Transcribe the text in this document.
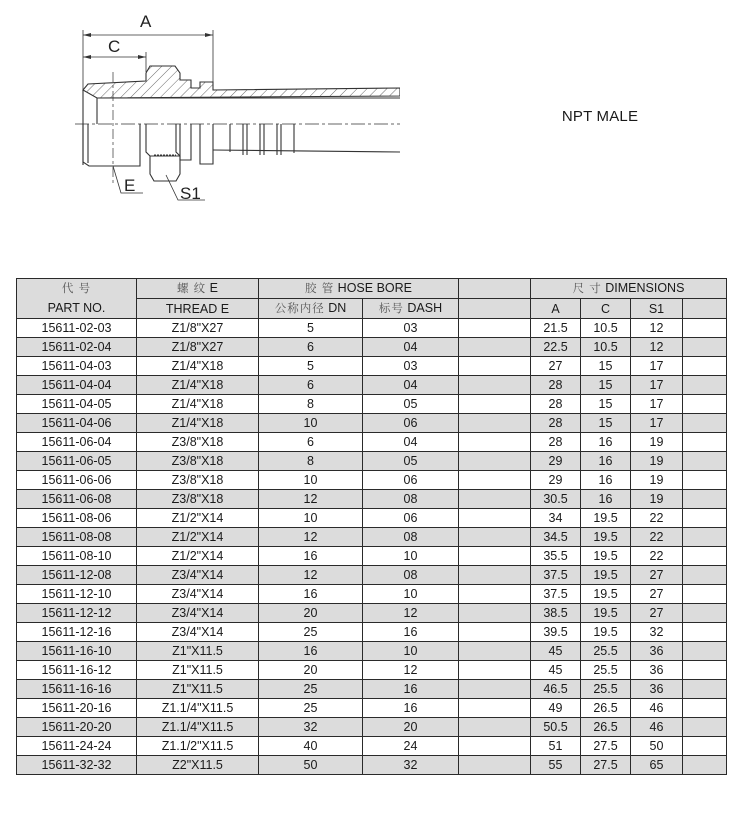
A
C
E	S1
NPT MALE
代 号
PART NO.	螺 纹 E	胶 管 HOSE BORE			尺 寸 DIMENSIONS			
	THREAD E	公称内径 DN	标号 DASH		A	C	S1	
15611-02-03	Z1/8"X27	5	03		21.5	10.5	12	
15611-02-04	Z1/8"X27	6	04		22.5	10.5	12	
15611-04-03	Z1/4"X18	5	03		27	15	17	
15611-04-04	Z1/4"X18	6	04		28	15	17	
15611-04-05	Z1/4"X18	8	05		28	15	17	
15611-04-06	Z1/4"X18	10	06		28	15	17	
15611-06-04	Z3/8"X18	6	04		28	16	19	
15611-06-05	Z3/8"X18	8	05		29	16	19	
15611-06-06	Z3/8"X18	10	06		29	16	19	
15611-06-08	Z3/8"X18	12	08		30.5	16	19	
15611-08-06	Z1/2"X14	10	06		34	19.5	22	
15611-08-08	Z1/2"X14	12	08		34.5	19.5	22	
15611-08-10	Z1/2"X14	16	10		35.5	19.5	22	
15611-12-08	Z3/4"X14	12	08		37.5	19.5	27	
15611-12-10	Z3/4"X14	16	10		37.5	19.5	27	
15611-12-12	Z3/4"X14	20	12		38.5	19.5	27	
15611-12-16	Z3/4"X14	25	16		39.5	19.5	32	
15611-16-10	Z1"X11.5	16	10		45	25.5	36	
15611-16-12	Z1"X11.5	20	12		45	25.5	36	
15611-16-16	Z1"X11.5	25	16		46.5	25.5	36	
15611-20-16	Z1.1/4"X11.5	25	16		49	26.5	46	
15611-20-20	Z1.1/4"X11.5	32	20		50.5	26.5	46	
15611-24-24	Z1.1/2"X11.5	40	24		51	27.5	50	
15611-32-32	Z2"X11.5	50	32		55	27.5	65	
